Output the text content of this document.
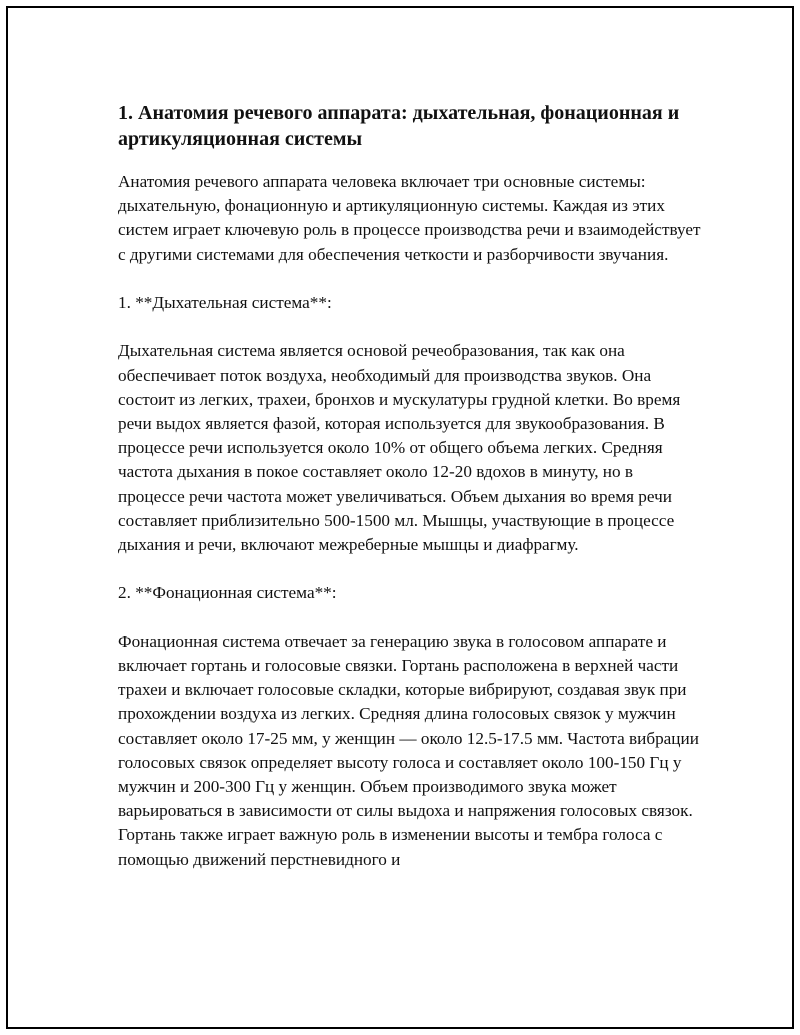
1. Анатомия речевого аппарата: дыхательная, фонационная и артикуляционная системы

Анатомия речевого аппарата человека включает три основные системы: дыхательную, фонационную и артикуляционную системы. Каждая из этих систем играет ключевую роль в процессе производства речи и взаимодействует с другими системами для обеспечения четкости и разборчивости звучания.

1. **Дыхательная система**:

Дыхательная система является основой речеобразования, так как она обеспечивает поток воздуха, необходимый для производства звуков. Она состоит из легких, трахеи, бронхов и мускулатуры грудной клетки. Во время речи выдох является фазой, которая используется для звукообразования. В процессе речи используется около 10% от общего объема легких. Средняя частота дыхания в покое составляет около 12-20 вдохов в минуту, но в процессе речи частота может увеличиваться. Объем дыхания во время речи составляет приблизительно 500-1500 мл. Мышцы, участвующие в процессе дыхания и речи, включают межреберные мышцы и диафрагму.

2. **Фонационная система**:

Фонационная система отвечает за генерацию звука в голосовом аппарате и включает гортань и голосовые связки. Гортань расположена в верхней части трахеи и включает голосовые складки, которые вибрируют, создавая звук при прохождении воздуха из легких. Средняя длина голосовых связок у мужчин составляет около 17-25 мм, у женщин — около 12.5-17.5 мм. Частота вибрации голосовых связок определяет высоту голоса и составляет около 100-150 Гц у мужчин и 200-300 Гц у женщин. Объем производимого звука может варьироваться в зависимости от силы выдоха и напряжения голосовых связок. Гортань также играет важную роль в изменении высоты и тембра голоса с помощью движений перстневидного и
